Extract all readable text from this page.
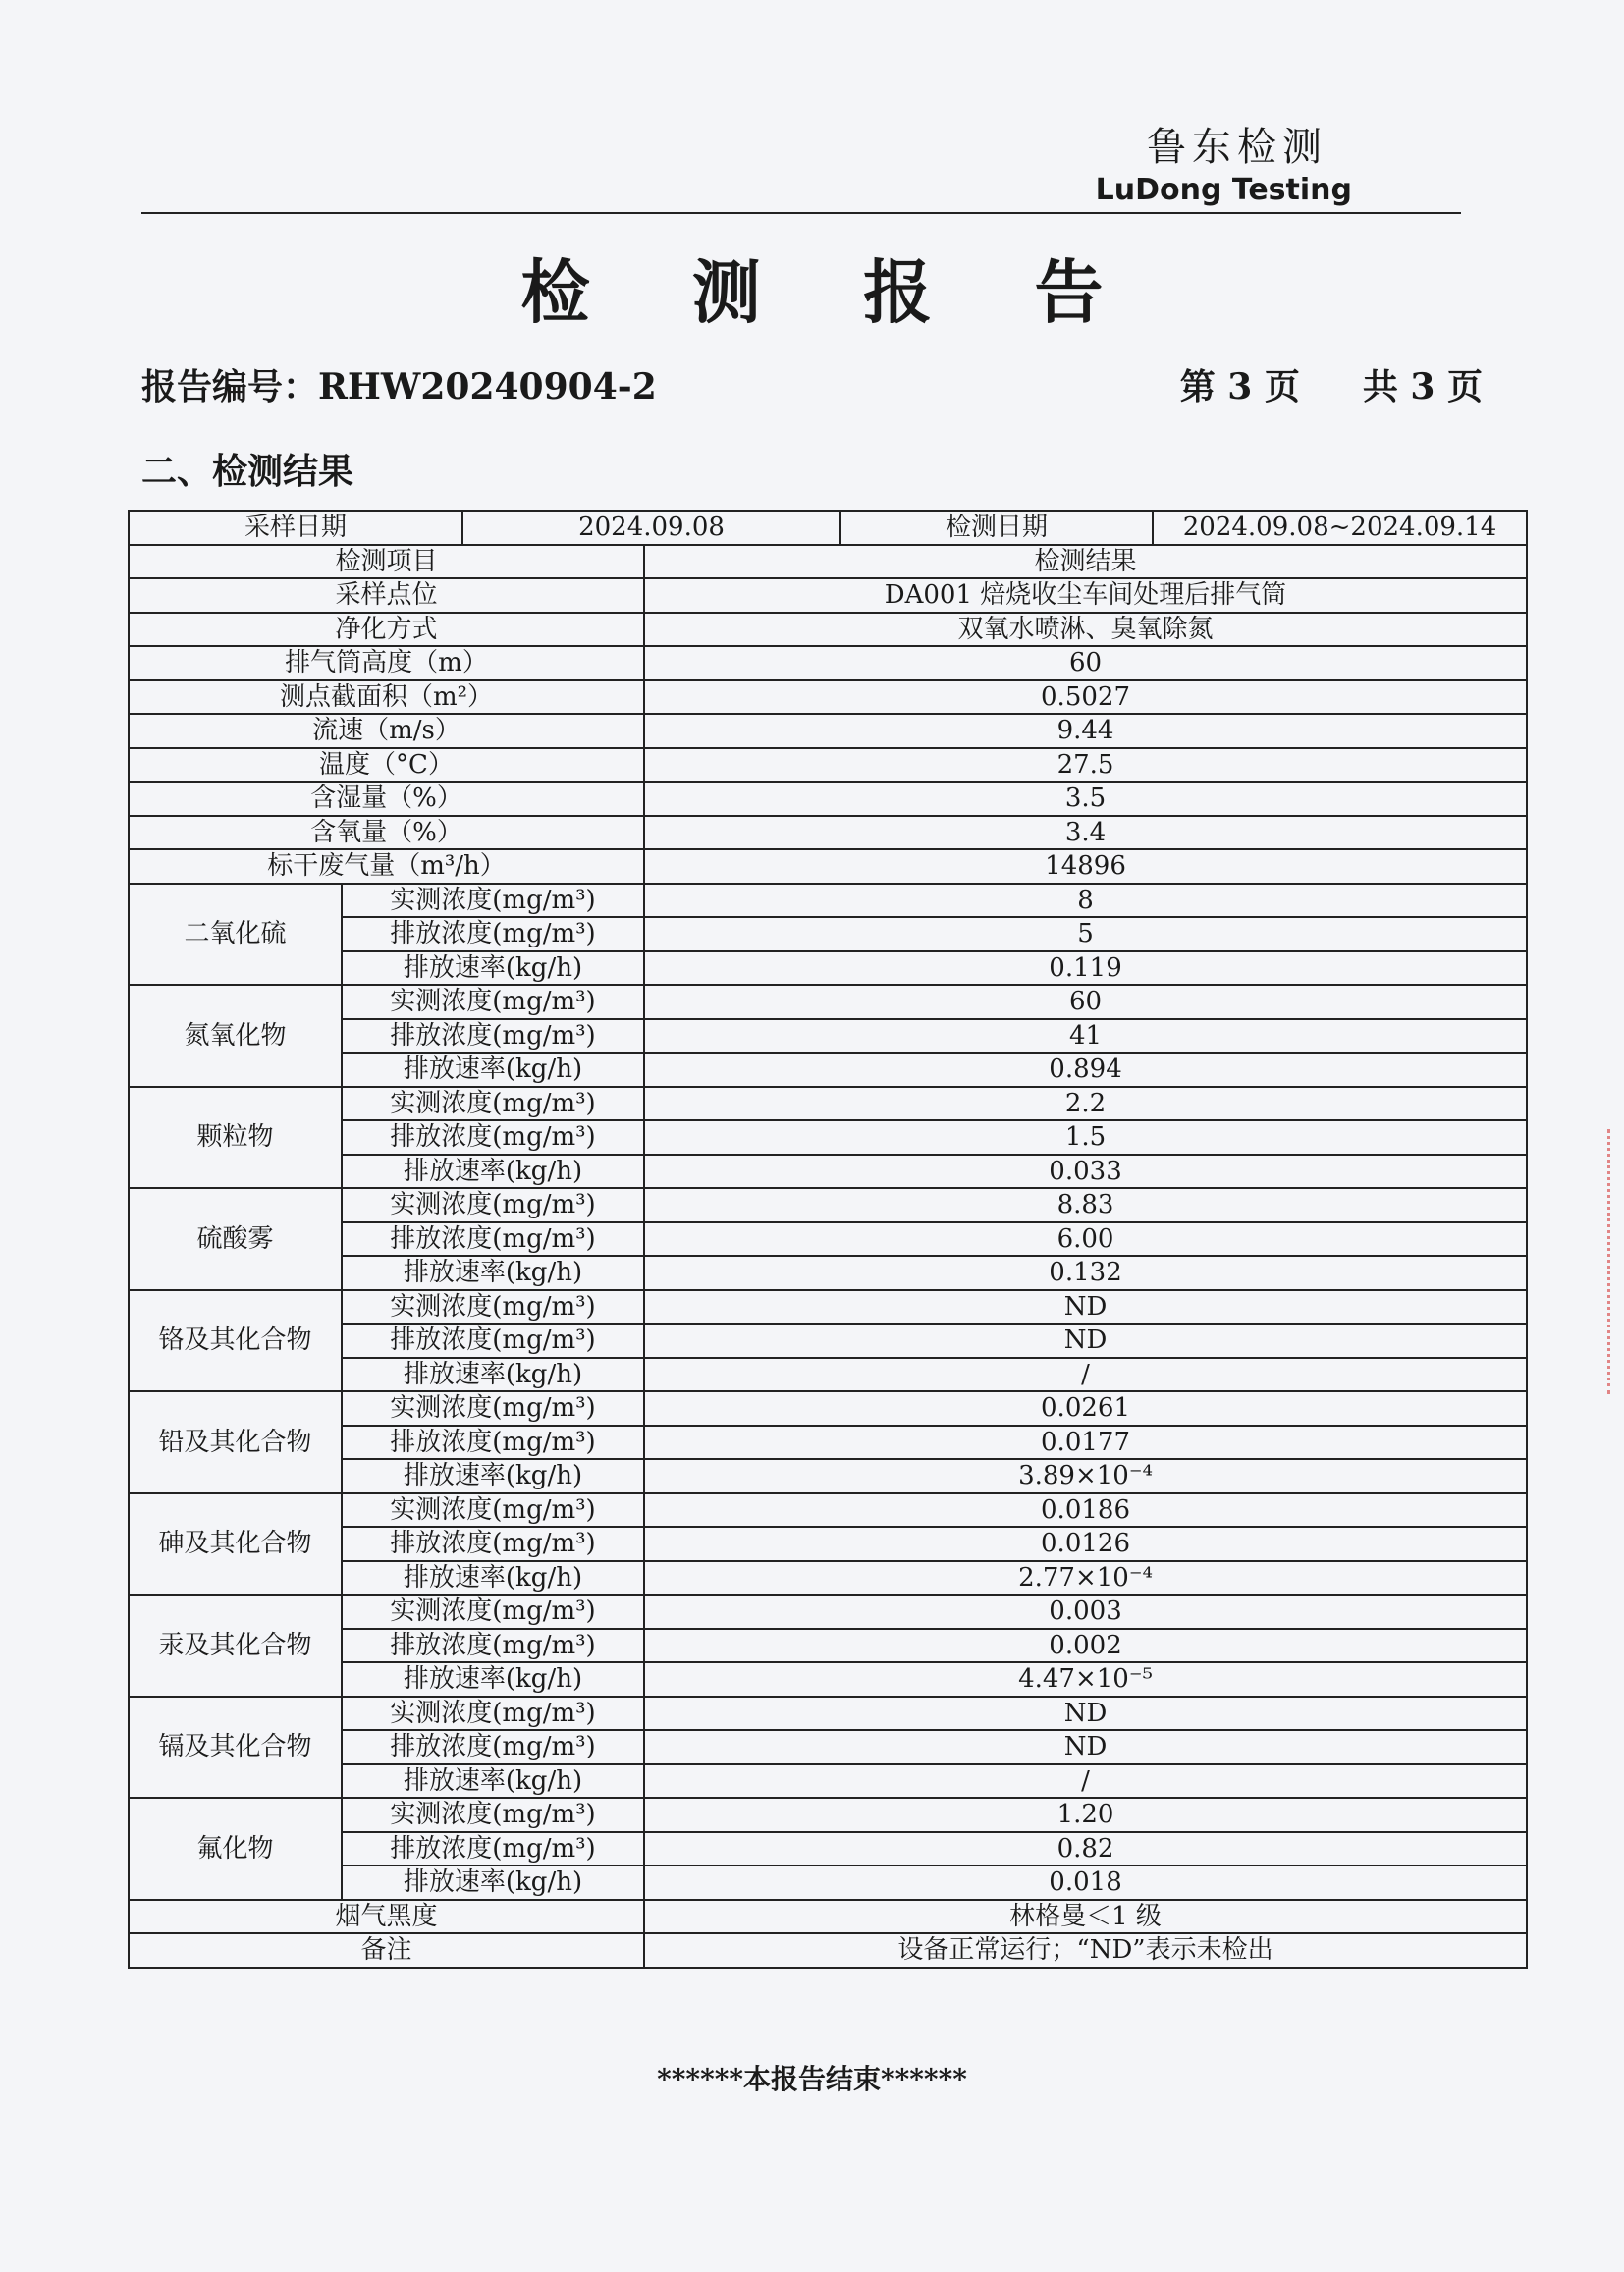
鲁东检测
LuDong Testing
检 测 报 告
报告编号：RHW20240904-2	第 3 页 共 3 页
二、检测结果
采样日期		2024.09.08		检测日期	2024.09.08~2024.09.14
检测项目			检测结果		
采样点位			DA001 焙烧收尘车间处理后排气筒		
净化方式			双氧水喷淋、臭氧除氮		
排气筒高度（m）			60		
测点截面积（m²）			0.5027		
流速（m/s）			9.44		
温度（°C）			27.5		
含湿量（%）			3.5		
含氧量（%）			3.4		
标干废气量（m³/h）			14896		
二氧化硫	实测浓度(mg/m³)		8		
	排放浓度(mg/m³)		5		
	排放速率(kg/h)		0.119		
氮氧化物	实测浓度(mg/m³)		60		
	排放浓度(mg/m³)		41		
	排放速率(kg/h)		0.894		
颗粒物	实测浓度(mg/m³)		2.2		
	排放浓度(mg/m³)		1.5		
	排放速率(kg/h)		0.033		
硫酸雾	实测浓度(mg/m³)		8.83		
	排放浓度(mg/m³)		6.00		
	排放速率(kg/h)		0.132		
铬及其化合物	实测浓度(mg/m³)		ND		
	排放浓度(mg/m³)		ND		
	排放速率(kg/h)		/		
铅及其化合物	实测浓度(mg/m³)		0.0261		
	排放浓度(mg/m³)		0.0177		
	排放速率(kg/h)		3.89×10⁻⁴		
砷及其化合物	实测浓度(mg/m³)		0.0186		
	排放浓度(mg/m³)		0.0126		
	排放速率(kg/h)		2.77×10⁻⁴		
汞及其化合物	实测浓度(mg/m³)		0.003		
	排放浓度(mg/m³)		0.002		
	排放速率(kg/h)		4.47×10⁻⁵		
镉及其化合物	实测浓度(mg/m³)		ND		
	排放浓度(mg/m³)		ND		
	排放速率(kg/h)		/		
氟化物	实测浓度(mg/m³)		1.20		
	排放浓度(mg/m³)		0.82		
	排放速率(kg/h)		0.018		
烟气黑度			林格曼＜1 级		
备注			设备正常运行；“ND”表示未检出		
******本报告结束******
